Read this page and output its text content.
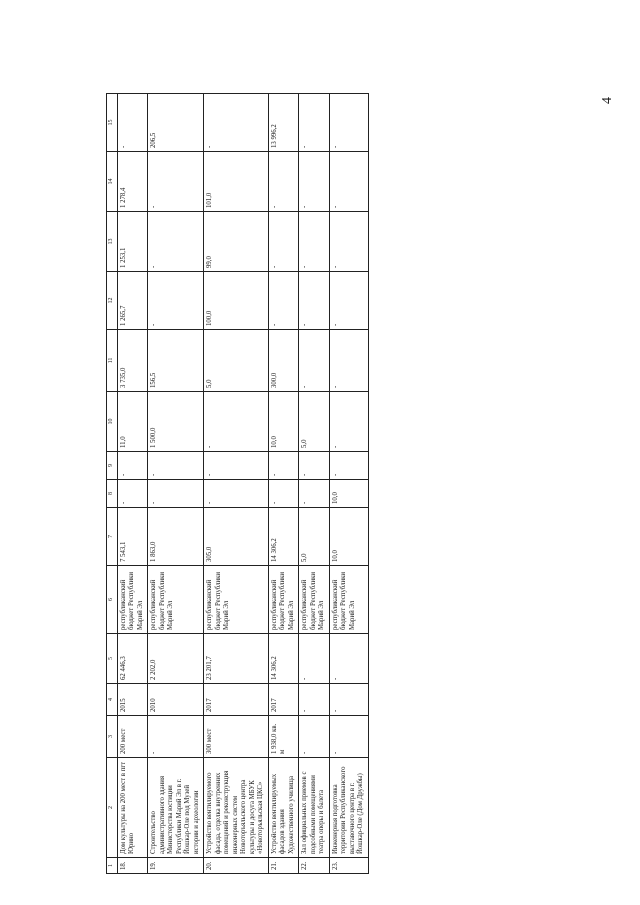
4
1	2	3	4	5	6	7	8	9	10	11	12	13	14	15
18.	Дом культуры на 200 мест в пгт Юрино	200 мест	2015	62 446,3	республиканский бюджет Республики Марий Эл	7 543,1	-	-	11,0	3 735,0	1 265,7	1 253,1	1 278,4	-
19.	Строительство административного здания Министерства юстиции Республики Марий Эл в г. Йошкар-Оле под Музей истории и археологии	-	2010	2 202,0	республиканский бюджет Республики Марий Эл	1 863,0	-	-	1 500,0	156,5	-	-	-	206,5
20.	Устройство вентилируемого фасада, отделка внутренних помещений и реконструкция инженерных систем Новоторъяльского центра культуры и досуга МБУК «Новоторъяльская ЦКС»	300 мест	2017	23 201,7	республиканский бюджет Республики Марий Эл	305,0	-	-	-	5,0	100,0	99,0	101,0	-
21.	Устройство вентилируемых фасадов здания Художественного училища	1 938,0 кв. м	2017	14 306,2	республиканский бюджет Республики Марий Эл	14 306,2	-	-	10,0	300,0	-	-	-	13 996,2
22.	Зал официальных приемов с подсобными помещениями театра оперы и балета	-	-	-	республиканский бюджет Республики Марий Эл	5,0	-	-	5,0	-	-	-	-	-
23.	Инженерная подготовка территории Республиканского выставочного центра в г. Йошкар-Оле (Дом Дружбы)	-	-	-	республиканский бюджет Республики Марий Эл	10,0	10,0	-	-	-	-	-	-	-
